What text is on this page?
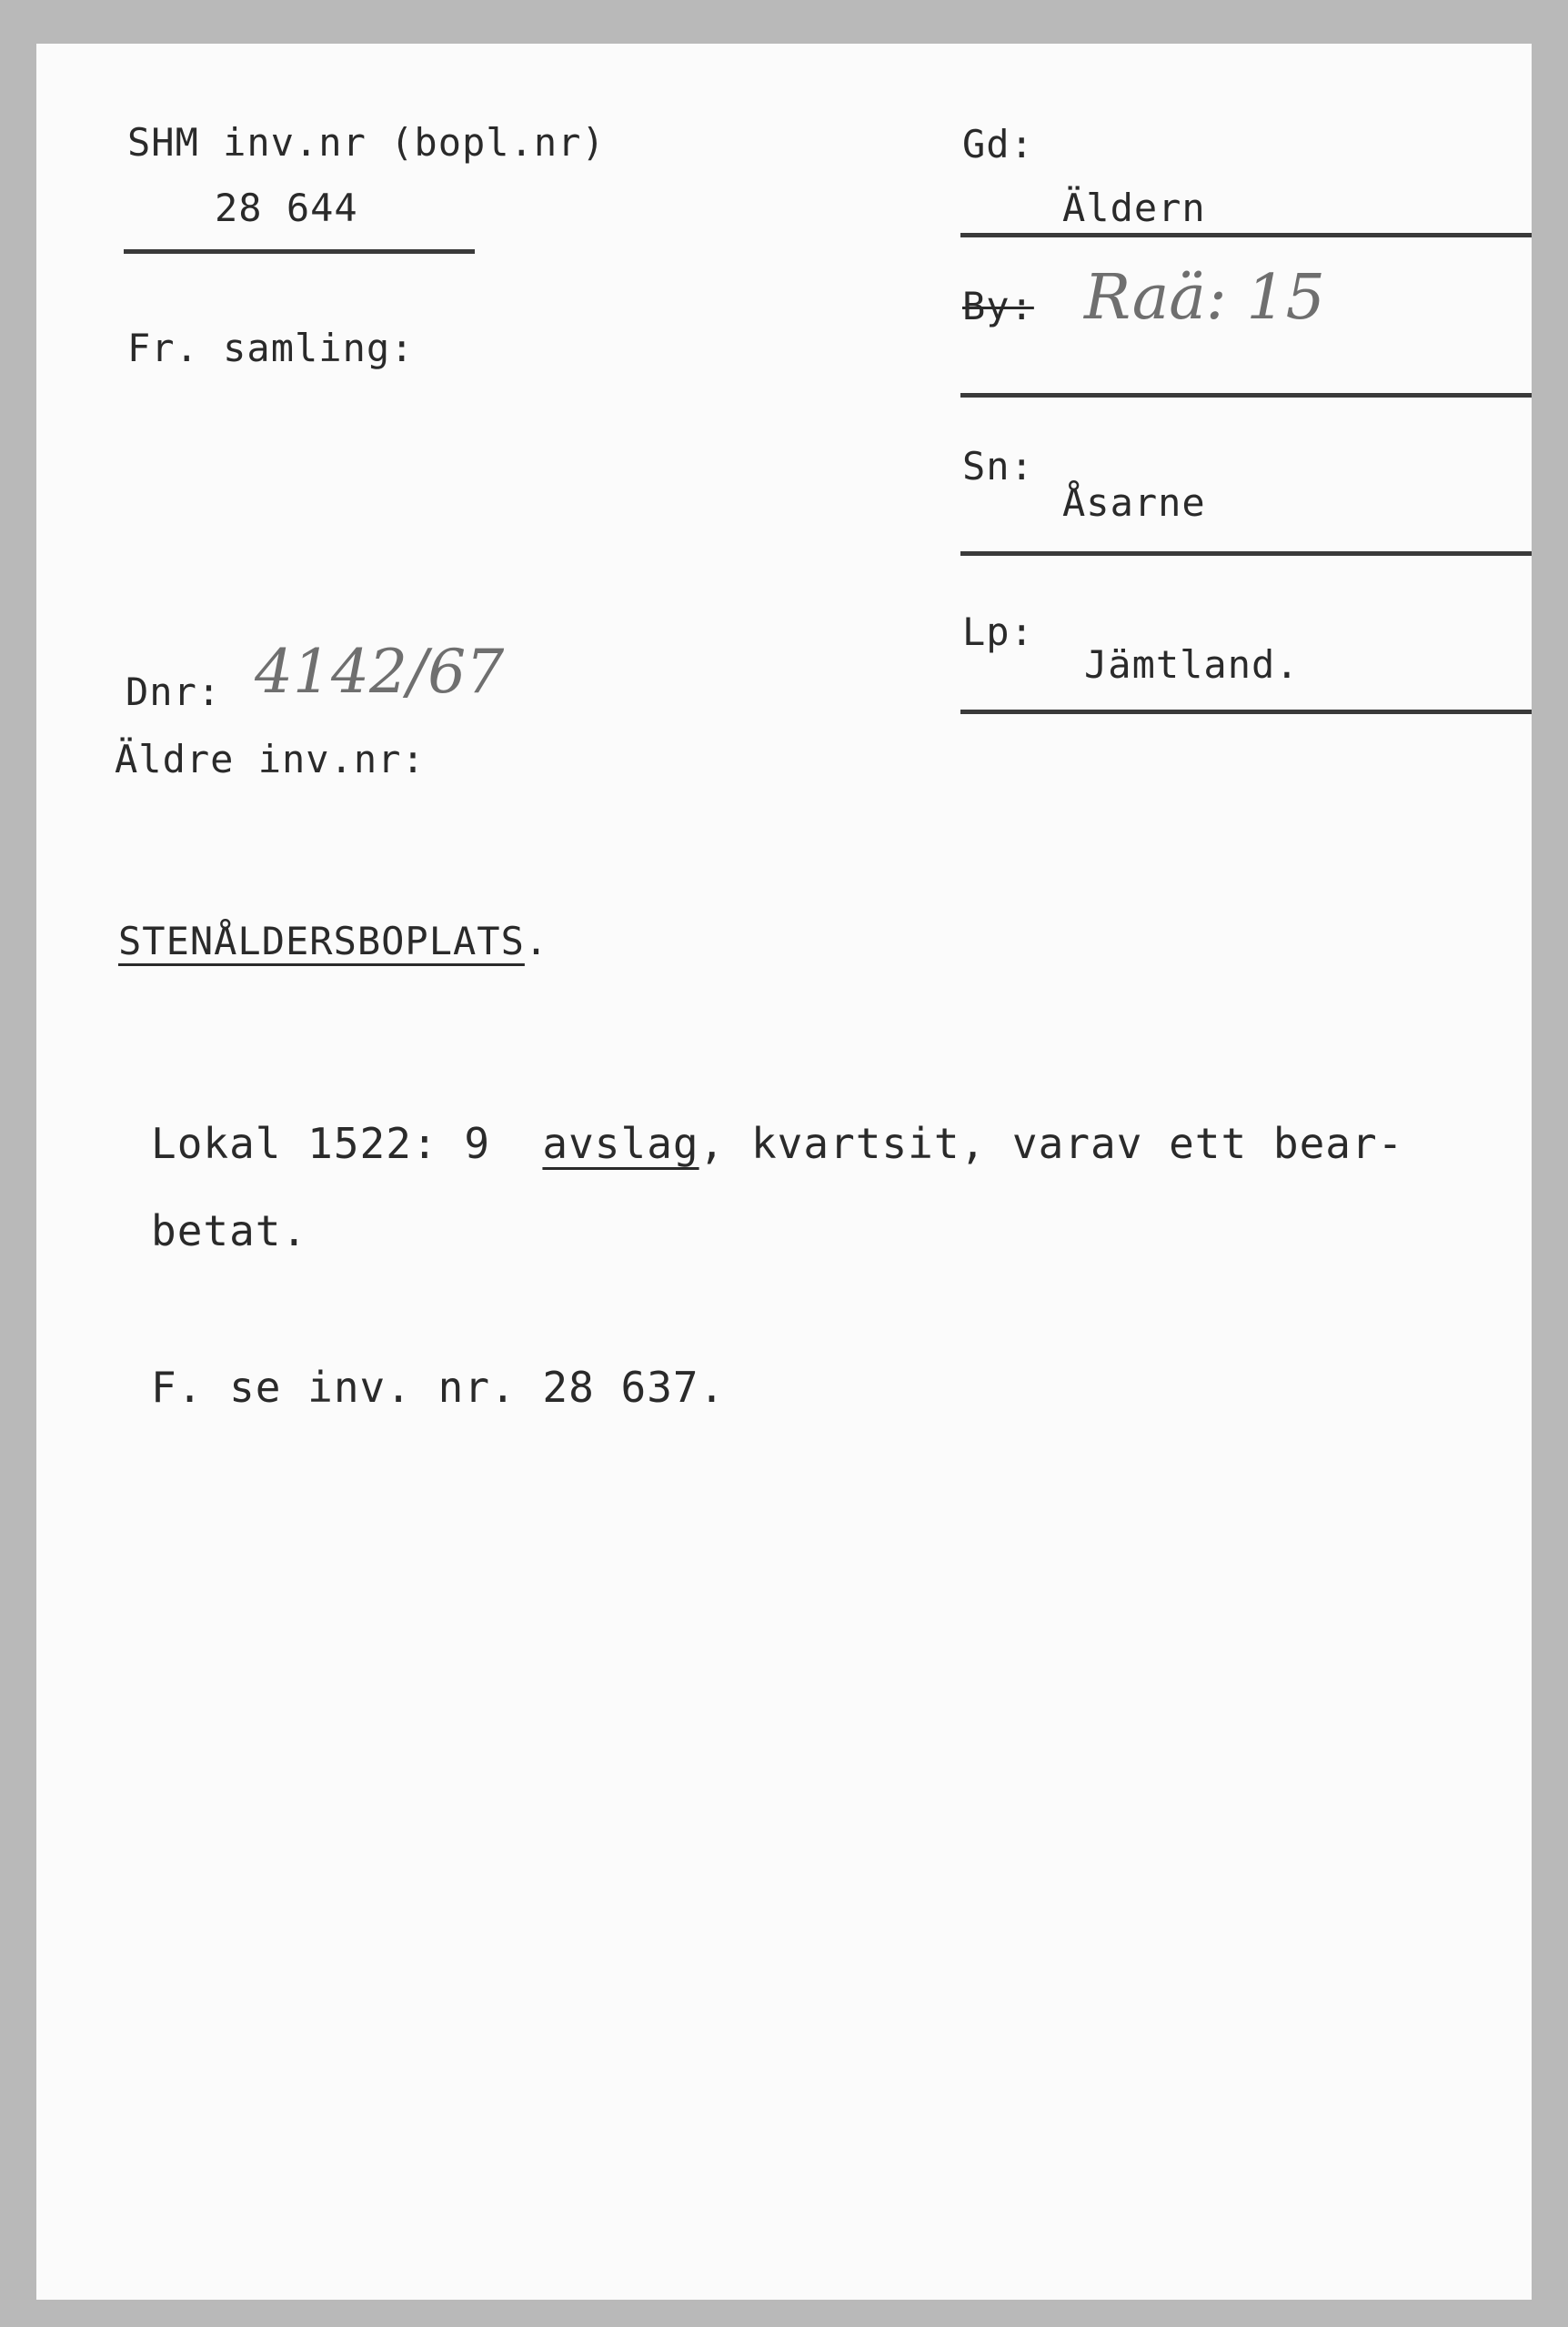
SHM inv.nr (bopl.nr)
28 644
Fr. samling:
Dnr: 4142/67
Äldre inv.nr:
Gd:
Äldern
By: Raä: 15
Sn:
Åsarne
Lp:
Jämtland.
STENÅLDERSBOPLATS.
Lokal 1522: 9  avslag, kvartsit, varav ett bear-
betat.
F. se inv. nr. 28 637.
